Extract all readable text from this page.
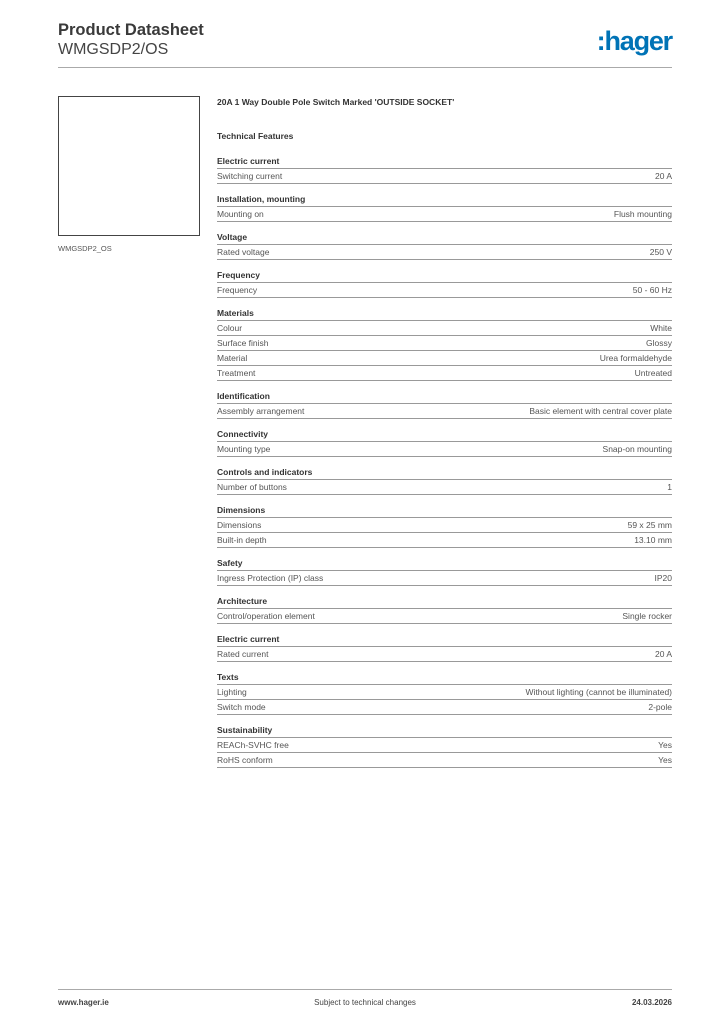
Product Datasheet
WMGSDP2/OS	:hager
WMGSDP2_OS
20A 1 Way Double Pole Switch Marked 'OUTSIDE SOCKET'
Technical Features
Electric current
Switching current	20 A
Installation, mounting
Mounting on	Flush mounting
Voltage
Rated voltage	250 V
Frequency
Frequency	50 - 60 Hz
Materials
Colour	White
Surface finish	Glossy
Material	Urea formaldehyde
Treatment	Untreated
Identification
Assembly arrangement	Basic element with central cover plate
Connectivity
Mounting type	Snap-on mounting
Controls and indicators
Number of buttons	1
Dimensions
Dimensions	59 x 25 mm
Built-in depth	13.10 mm
Safety
Ingress Protection (IP) class	IP20
Architecture
Control/operation element	Single rocker
Electric current
Rated current	20 A
Texts
Lighting	Without lighting (cannot be illuminated)
Switch mode	2-pole
Sustainability
REACh-SVHC free	Yes
RoHS conform	Yes
www.hager.ie	Subject to technical changes	24.03.2026
